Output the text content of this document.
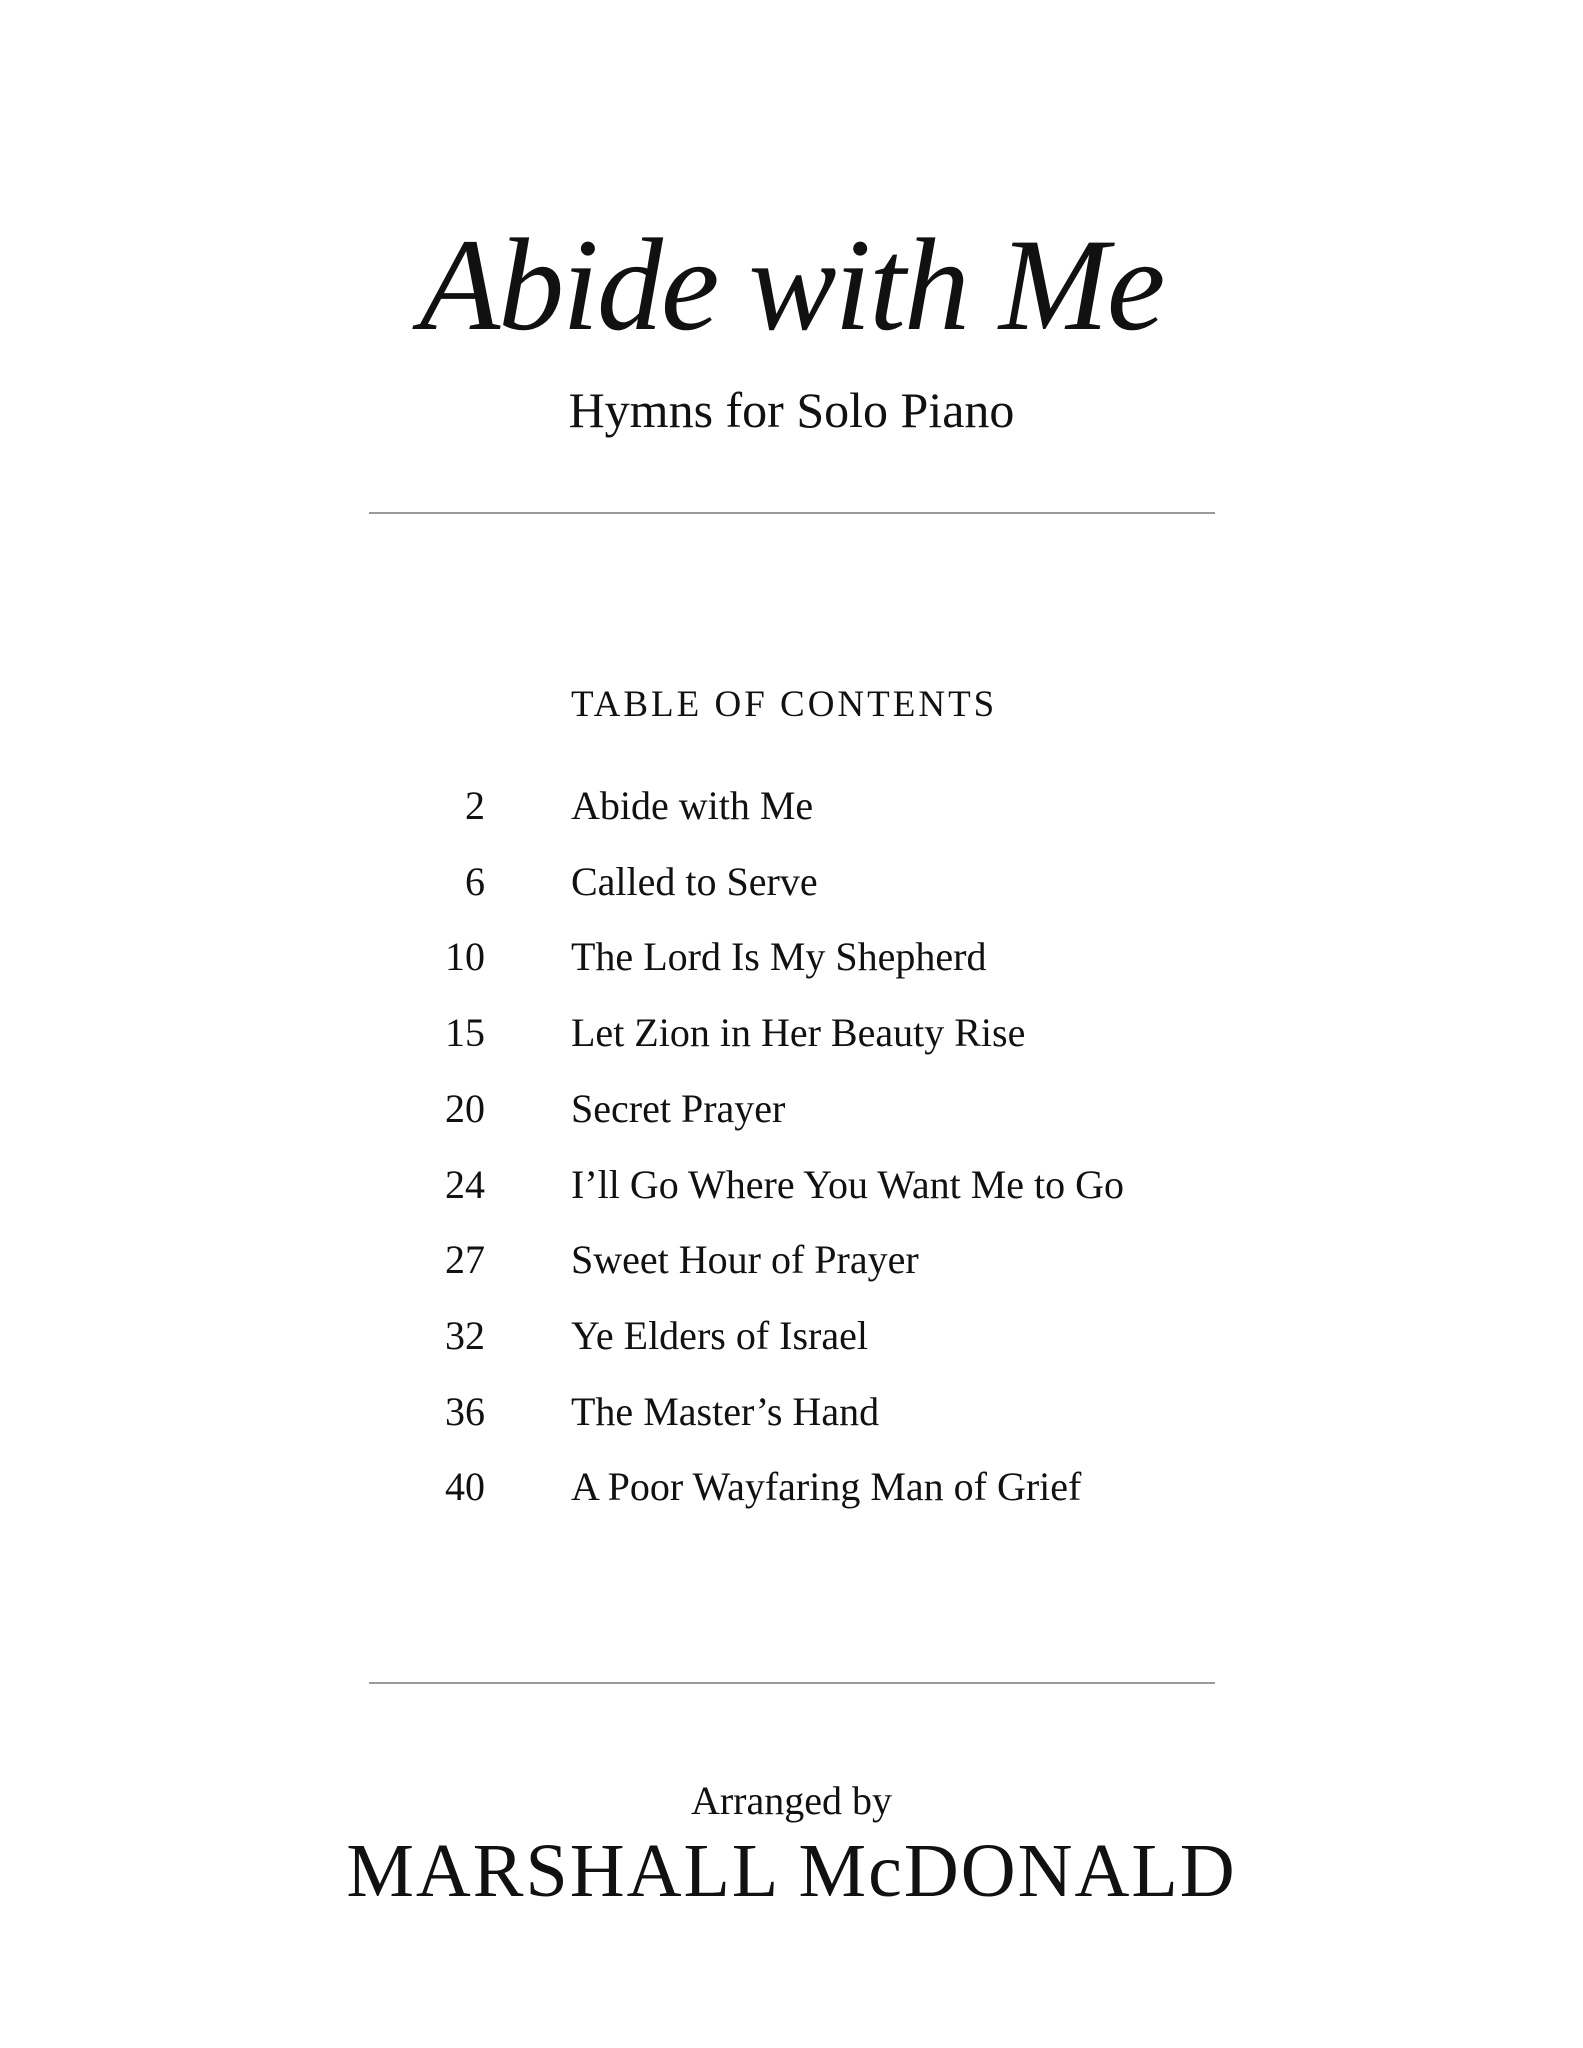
Abide with Me
Hymns for Solo Piano
TABLE OF CONTENTS
2 Abide with Me
6 Called to Serve
10 The Lord Is My Shepherd
15 Let Zion in Her Beauty Rise
20 Secret Prayer
24 I’ll Go Where You Want Me to Go
27 Sweet Hour of Prayer
32 Ye Elders of Israel
36 The Master’s Hand
40 A Poor Wayfaring Man of Grief
Arranged by
MARSHALL McDONALD
